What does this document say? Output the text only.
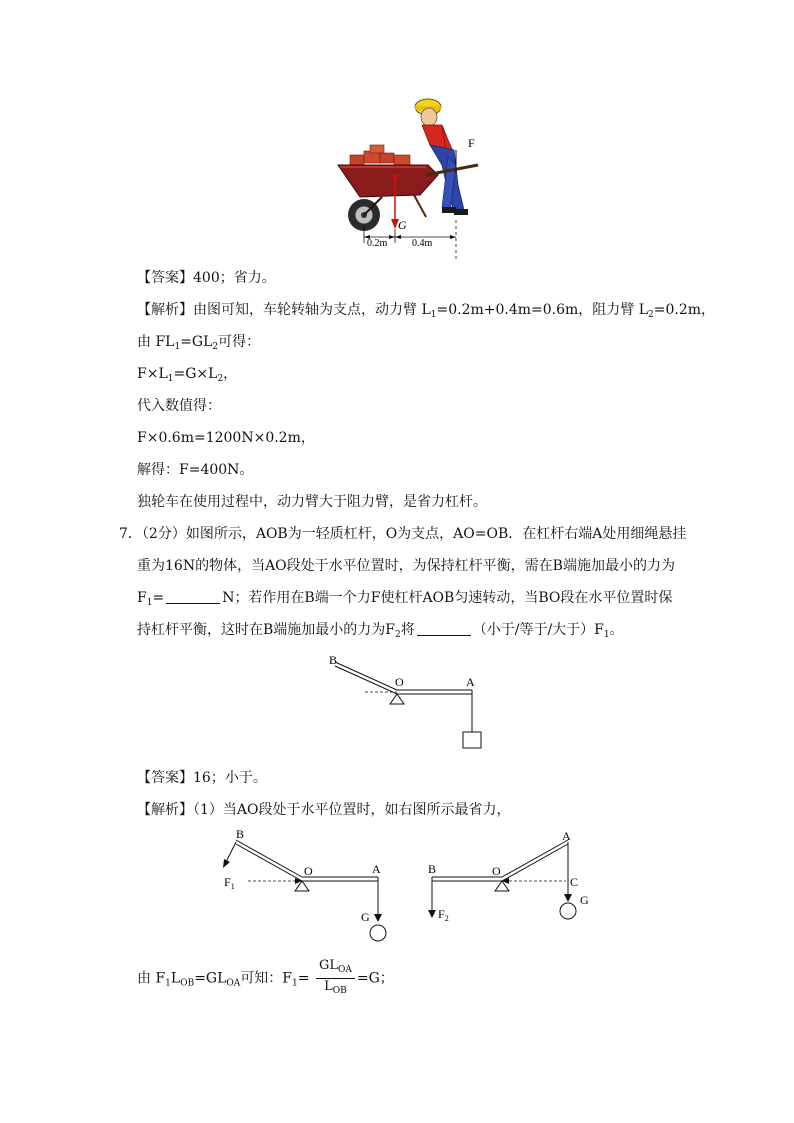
F
G
0.2m 0.4m
【答案】400；省力。
【解析】由图可知，车轮转轴为支点，动力臂 $L_1=0.2m+0.4m=0.6m$，阻力臂 $L_2=0.2m$，
由 $FL_1=GL_2$可得：
$F\times L_1=G\times L_2$，
代入数值得：
F×0.6m=1200N×0.2m，
解得：F=400N。
独轮车在使用过程中，动力臂大于阻力臂，是省力杠杆。
7．（2分）如图所示，AOB为一轻质杠杆，O为支点，AO=OB．在杠杆右端A处用细绳悬挂
重为16N的物体，当AO段处于水平位置时，为保持杠杆平衡，需在B端施加最小的力为
$F_1=$	N；若作用在B端一个力F使杠杆AOB匀速转动，当BO段在水平位置时保
持杠杆平衡，这时在B端施加最小的力为$F_2$将	（小于/等于/大于）$F_1$。
B
O	A
【答案】16；小于。
【解析】（1）当AO段处于水平位置时，如右图所示最省力，
B
$F_1$
O	A
G
B	O
A
C
$F_2$
G
由 $F_1L_{OB}=GL_{OA}$可知：$F_1= \frac{GL_{OA}}{L_{OB}} =G$；
